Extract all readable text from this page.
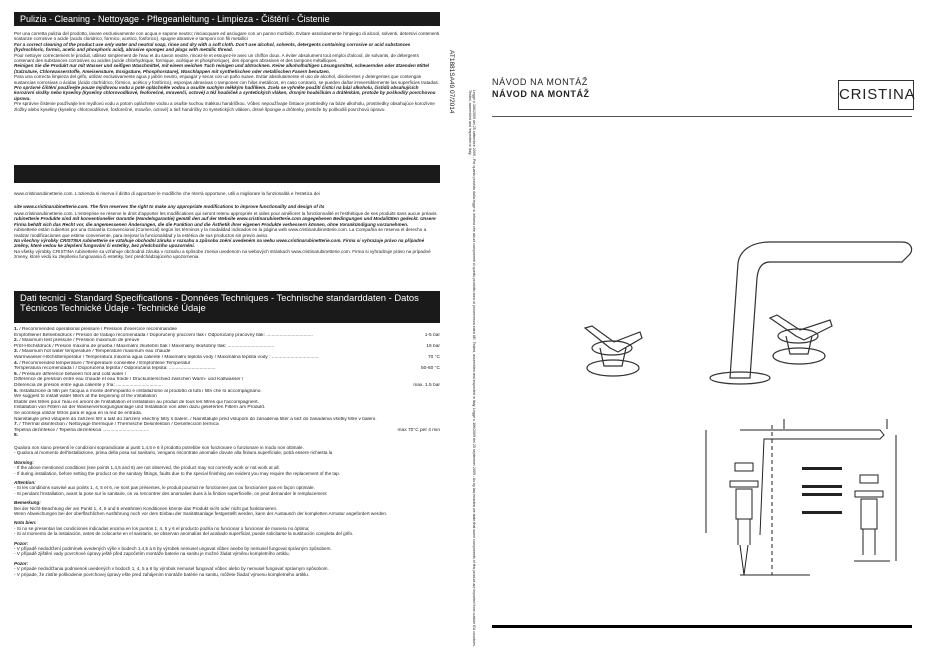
Pulizia - Cleaning - Nettoyage - Pflegeanleitung - Limpieza - Čištění - Čistenie

Per una corretta pulizia del prodotto, lavare esclusivamente con acqua e sapone neutro; risciacquare ed asciugare con un panno morbido. Evitare assolutamente l'impiego di alcool, solventi, detersivi contenenti sostanze corrosive o acide (acido cloridrico, formico, acetico, fosforico), spugne abrasive e tamponi con fili metallici

For a correct cleaning of the product use only water and neutral soap, rinse and dry with a soft cloth. Don't use alcohol, solvents, detergents containing corrosive or acid substances (hydrochloric, formic, acetic and phosphoric acid), abrasive sponges and plugs with metallic thread.

Pour nettoyer correctement le produit, utilisez simplement de l'eau et du savon neutre, rincez-le et essuyez-le avec un chiffon doux. A éviter absolument tout emploi d'alcool, de solvants, de détergents contenant des substances corrosives ou acides (acide chlorhydrique, formique, acétique et phosphorique), des éponges abrasives et des tampons métalliques.

Reinigen Sie die Produkt nur mit Wasser und seifigen Waschmittel, mit einem weichen Tuch reinigen und abtrocknen. Keine alkoholhaltigen Lösungsmittel, scheuernden oder ätzenden Mittel (Salzsäure, Chlorwasserstoffe, Ameisensäure, Essigsäure, Phosphorsäure), Waschlappen mit synthetischen oder metallischen Fasern benutzen.

Para una correcta limpieza del grifo, utilizar exclusivamente agua y jabón neutro, enjuagar y secar con un paño suave. Evitar absolutamente el uso de alcohol, disolventes y detergentes que contengan sustancias corrosivas o ácidas (ácido clorhídrico, fórmico, acético y fosfórico), esponjas abrasivas o tampones con hilos metálicos, en caso contrario, se pueden dañar irreversiblemente las superficies tratadas.

Pro správné čištění používejte pouze mýdlovou vodu a poté opláchněte vodou a osušte suchým měkkým hadříkem. Zcela se vyhněte použití čistící na bázi alkoholu, čistidů obsahujících korozivní složky nebo kyseliny (kyseliny chlorovodíkové, feoforečné, mravenčí, octové) a též houbiček a syntetických vláken, drsným houbičkám a drátěnkám, protože by poškodily povrchovou úpravu.

Pre správne čistenie používajte len mydlovú vodu a potom opláchnite vodou a osušte suchou mäkkou handričkou. Vôbec nepoužívajte čistiace prostriedky na báze alkoholu, prostriedky obsahujúce korozívne zložky alebo kyseliny (kyseliny chlorovodíkové, fosforečné, mravčie, octové) a tiež handričky zo syntetických vlákien, drsné špongie a drôtenky, pretože by poškodili povrchovú úpravu.

www.cristinarubinetterie.com. L'azienda si riserva il diritto di apportare le modifiche che riterrà opportune, utili a migliorare la funzionalità e l'estetica dei

site www.cristinarubinetterie.com. The firm reserves the right to make any appropriate modifications to improve functionality and design of its

www.cristinarubinetterie.com. L'entreprise se réserve le droit d'apporter les modifications qui seront retenu appropriés et utiles pour améliorer la fonctionnalité et l'esthétique de ses produits sans aucun préavis.

rubinetterie Produkte sind mit konventioneller Garantie (Handelsgarantie) gemäß den auf der Website www.cristinarubinetterie.com angegebenen Bedingungen und Modalitäten gedeckt. Unsere Firma behält sich das Recht vor, die angemessenen Änderungen, die die Funktion und die Ästhetik ihrer eigenen Produkte verbessern können, ohne Vorankündigung vorzunehmen.

rubinetterie están cubiertos por una Garantía Convencional (Comercial) según los términos y la modalidad indicados en la página web www.cristinarubinetterie.com. La Compañía se reserva el derecho a realizar modificaciones que estime conveniente, para mejorar la funcionalidad y la estética de sus productos sin previo aviso.

Na všechny výrobky CRISTINA rubinetterie se vztahuje obchodní záruka v rozsahu a způsobu znění uvedeném na webu www.cristinarubinetterie.com. Firma si vyhrazuje právo na případné změny, které vedou ke zlepšení fungování či estetiky, bez předchozího upozornění.

Na všetky výrobky CRISTINA rubinetterie sa vzťahuje obchodná záruka v rozsahu a spôsobe znenia uvedenom na webových stránkach www.cristinarubinetterie.com. Firma si vyhradzuje právo na prípadné zmeny, ktoré vedú ku zlepšeniu fungovania či estetiky, bez predchádzajúceho upozornenia.

Dati tecnici - Standard Specifications - Données Techniques - Technische standarddaten - Datos Técnicos Technické Údaje - Technické Údaje
1. / Recommended operational pressure / Pression d'exercice recommandée
Empfohlener Betriebsdruck / Presión de trabajo recomendada / Doporučený pracovní tlak / Odporúčaný pracovný tlak: ...................................	1-5 bar
2. / Maximum test pressure / Pression maximum de preuve
Prüf-Höchstdruck / Presión máxima de prueba / Maximální zkušební tlak / Maximálny skúšobný tlak: ...................................	16 bar
3. / Maximum hot water temperature / Température maximum eau chaude
Warmwasser-Höchsttemperatur / Temperatura máxima agua caliente / Maximální teplota vody / Maximálna teplota vody : ...................................	70 °C
4. / Recommended temperature / Température conseillée / Empfohlene Temperatur
Temperatura recomendada / / Doporučená teplota / Odporúčaná teplota: ...................................	50-60 °C
5. / Pressure difference between hot and cold water /
Différence de pression entre eau chaude et eau froide / Druckunterschied zwischen Warm- und Kaltwasser /
Diferencia de presión entre agua caliente y fría: ...................................	max. 1.5 bar
6. Installazione di filtri per l'acqua a monte dell'impianto e installazione al prodotto di tutti i filtri che lo accompagnano.
We suggest to install water filters at the beginning of the installation
Etablir des filtres pour l'eau en amont de l'installation et installation au produit de tous les filtres qui l'accompagnent.
Installation von Filtern an der Wasserversorgungsanlage und Installation von allen dazu gelieferten Filtern am Produkt.
Se aconseja utilizar filtros para el agua en la red de entrada.
Nainstalujte před vstupem do zařízení filtr a takt do zařízení všechny filtry s balení. / Nainštalujte pred vstupom do zariadenia filter a tiež do zariadenia všetky filtre v balení.
7. / Thermal disinfection / Nettoyage thermique / Thermische Desinfektion / Desinfección térmica
Tepelná dezinfekce / Tepelná dezinfekcia ...................................	max 70°C per 4 min
8.

Qualora non siano presenti le condizioni sopraindicate ai punti 1,4,5 e 6 il prodotto potrebbe non funzionare o funzionare in modo non ottimale.

- Qualora al momento dell'installazione, prima della posa sul sanitario, vengano riscontrate anomalie dovute alla finitura superficiale, potrà essere richiesta la

Warning:

- If the above mentioned conditions (see points 1,4,5 and 6) are not observed, the product may not correctly work or not work at all.

- If during installation, before setting the product on the sanitary fittings, faults due to the special finishing are evident you may require the replacement of the tap.

Attention:

- Si les conditions susvisé aux points 1, 4, 5 et 6, ne sont pas présentes, le produit pourrait ne fonctionner pas ou fonctionner pas en façon optimale.

- Si pendant l'installation, avant la pose sur le sanitaire, on va rencontrer des anomalies dues à la finition superficielle, on peut demander le remplacement

Bemerkung:

Bei der Nicht-Beachtung der am Punkt 1, 4, 5 und 6 erwähnten Konditionen könnte das Produkt nicht oder nicht gut funktionieren.

Wenn Abweichungen bei der oberflächlichen Ausführung noch vor dem Einbau der Sanitätsanlage festgestellt werden, kann der Austausch der kompletten Armatur angefordert werden.

Nota bien:

- Si no se presentan las condiciones indicadas encima en los puntos 1, 4, 5 y 6 el producto podría no funcionar o funcionar de manera no óptima;

- Si al momento de la instalación, antes de colocarse en el sanitario, se observan anomalías del acabado superficial, puede solicitarse la sustitución completa del grifo.

Pozor:

- V případě nedodržení podmínek uvedených výše v bodech 1,4,5 a 6 by výrobek nemusel ungovat vůbec anebo by nemusel fungovat správným způsobem.

- V případě zjištění vady povrchové úpravy ještě před započetím montáže baterie na sanitu je možné žádat výměnu kompletního artiklu.

Pozor:

- V prípade nedodržania podmienok uvedených v bodoch 1, 4, 5 a 6 by výrobok nemusel fungovať vôbec alebo by nemusel fungovať správnym spôsobom.

- V prípade, že zistíte poškodenie povrchovej úpravy ešte pred zahájením montáže batérie na sanitu, môžete žiadať výmenu kompletného artiklu.

AT1881SA49 07/2014
Legge n.166/2009 del 25 settembre 2009 - Per quanto previsto dalla legge si informa che alcuni componenti di questo prodotto sono di provenienza extra UE. Tested, assembled and inspected in Italy. Legge n.166/2009 del 25 september 2009 - As by law enacted we state that some components of this product are imported from outside EU countries. Tested, assembled and inspected in Italy.
NÁVOD NA MONTÁŽ
NÁVOD NA MONTÁŽ	CRISTINA
